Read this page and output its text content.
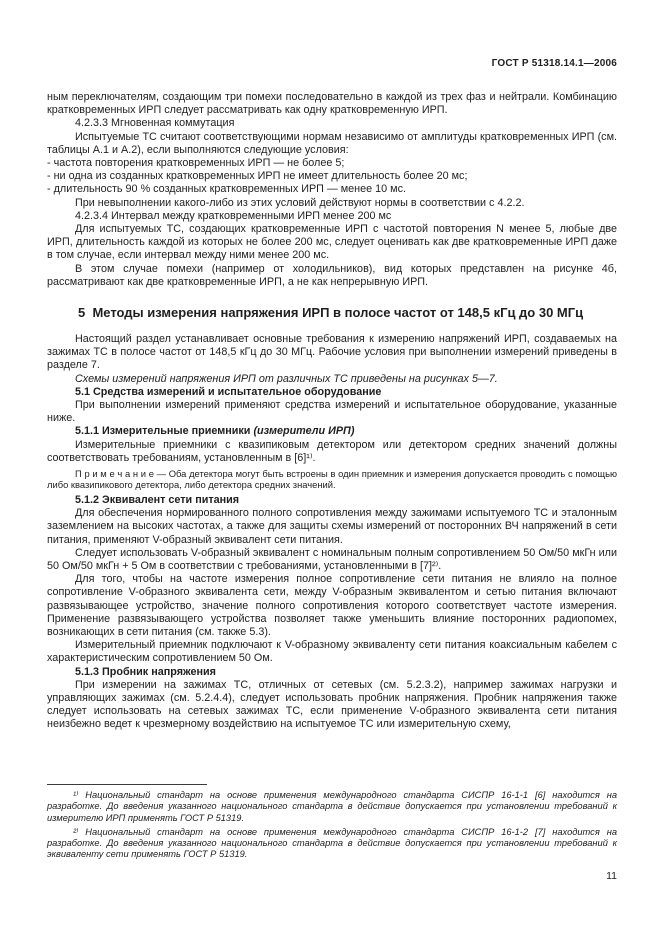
ГОСТ Р 51318.14.1—2006

ным переключателям, создающим три помехи последовательно в каждой из трех фаз и нейтрали. Комбинацию кратковременных ИРП следует рассматривать как одну кратковременную ИРП.

4.2.3.3 Мгновенная коммутация

Испытуемые ТС считают соответствующими нормам независимо от амплитуды кратковременных ИРП (см. таблицы А.1 и А.2), если выполняются следующие условия:

- частота повторения кратковременных ИРП — не более 5;

- ни одна из созданных кратковременных ИРП не имеет длительность более 20 мс;

- длительность 90 % созданных кратковременных ИРП — менее 10 мс.

При невыполнении какого-либо из этих условий действуют нормы в соответствии с 4.2.2.

4.2.3.4 Интервал между кратковременными ИРП менее 200 мс

Для испытуемых ТС, создающих кратковременные ИРП с частотой повторения N менее 5, любые две ИРП, длительность каждой из которых не более 200 мс, следует оценивать как две кратковременные ИРП даже в том случае, если интервал между ними менее 200 мс.

В этом случае помехи (например от холодильников), вид которых представлен на рисунке 4б, рассматривают как две кратковременные ИРП, а не как непрерывную ИРП.

5  Методы измерения напряжения ИРП в полосе частот от 148,5 кГц до 30 МГц

Настоящий раздел устанавливает основные требования к измерению напряжений ИРП, создаваемых на зажимах ТС в полосе частот от 148,5 кГц до 30 МГц. Рабочие условия при выполнении измерений приведены в разделе 7.

Схемы измерений напряжения ИРП от различных ТС приведены на рисунках 5—7.

5.1 Средства измерений и испытательное оборудование

При выполнении измерений применяют средства измерений и испытательное оборудование, указанные ниже.

5.1.1 Измерительные приемники (измерители ИРП)

Измерительные приемники с квазипиковым детектором или детектором средних значений должны соответствовать требованиям, установленным в [6]¹⁾.

П р и м е ч а н и е — Оба детектора могут быть встроены в один приемник и измерения допускается проводить с помощью либо квазипикового детектора, либо детектора средних значений.

5.1.2 Эквивалент сети питания

Для обеспечения нормированного полного сопротивления между зажимами испытуемого ТС и эталонным заземлением на высоких частотах, а также для защиты схемы измерений от посторонних ВЧ напряжений в сети питания, применяют V-образный эквивалент сети питания.

Следует использовать V-образный эквивалент с номинальным полным сопротивлением 50 Ом/50 мкГн или 50 Ом/50 мкГн + 5 Ом в соответствии с требованиями, установленными в [7]²⁾.

Для того, чтобы на частоте измерения полное сопротивление сети питания не влияло на полное сопротивление V-образного эквивалента сети, между V-образным эквивалентом и сетью питания включают развязывающее устройство, значение полного сопротивления которого соответствует частоте измерения. Применение развязывающего устройства позволяет также уменьшить влияние посторонних радиопомех, возникающих в сети питания (см. также 5.3).

Измерительный приемник подключают к V-образному эквиваленту сети питания коаксиальным кабелем с характеристическим сопротивлением 50 Ом.

5.1.3 Пробник напряжения

При измерении на зажимах ТС, отличных от сетевых (см. 5.2.3.2), например зажимах нагрузки и управляющих зажимах (см. 5.2.4.4), следует использовать пробник напряжения. Пробник напряжения также следует использовать на сетевых зажимах ТС, если применение V-образного эквивалента сети питания неизбежно ведет к чрезмерному воздействию на испытуемое ТС или измерительную схему,

¹⁾ Национальный стандарт на основе применения международного стандарта СИСПР 16-1-1 [6] находится на разработке. До введения указанного национального стандарта в действие допускается при установлении требований к измерителю ИРП применять ГОСТ Р 51319.

²⁾ Национальный стандарт на основе применения международного стандарта СИСПР 16-1-2 [7] находится на разработке. До введения указанного национального стандарта в действие допускается при установлении требований к эквиваленту сети применять ГОСТ Р 51319.

11
